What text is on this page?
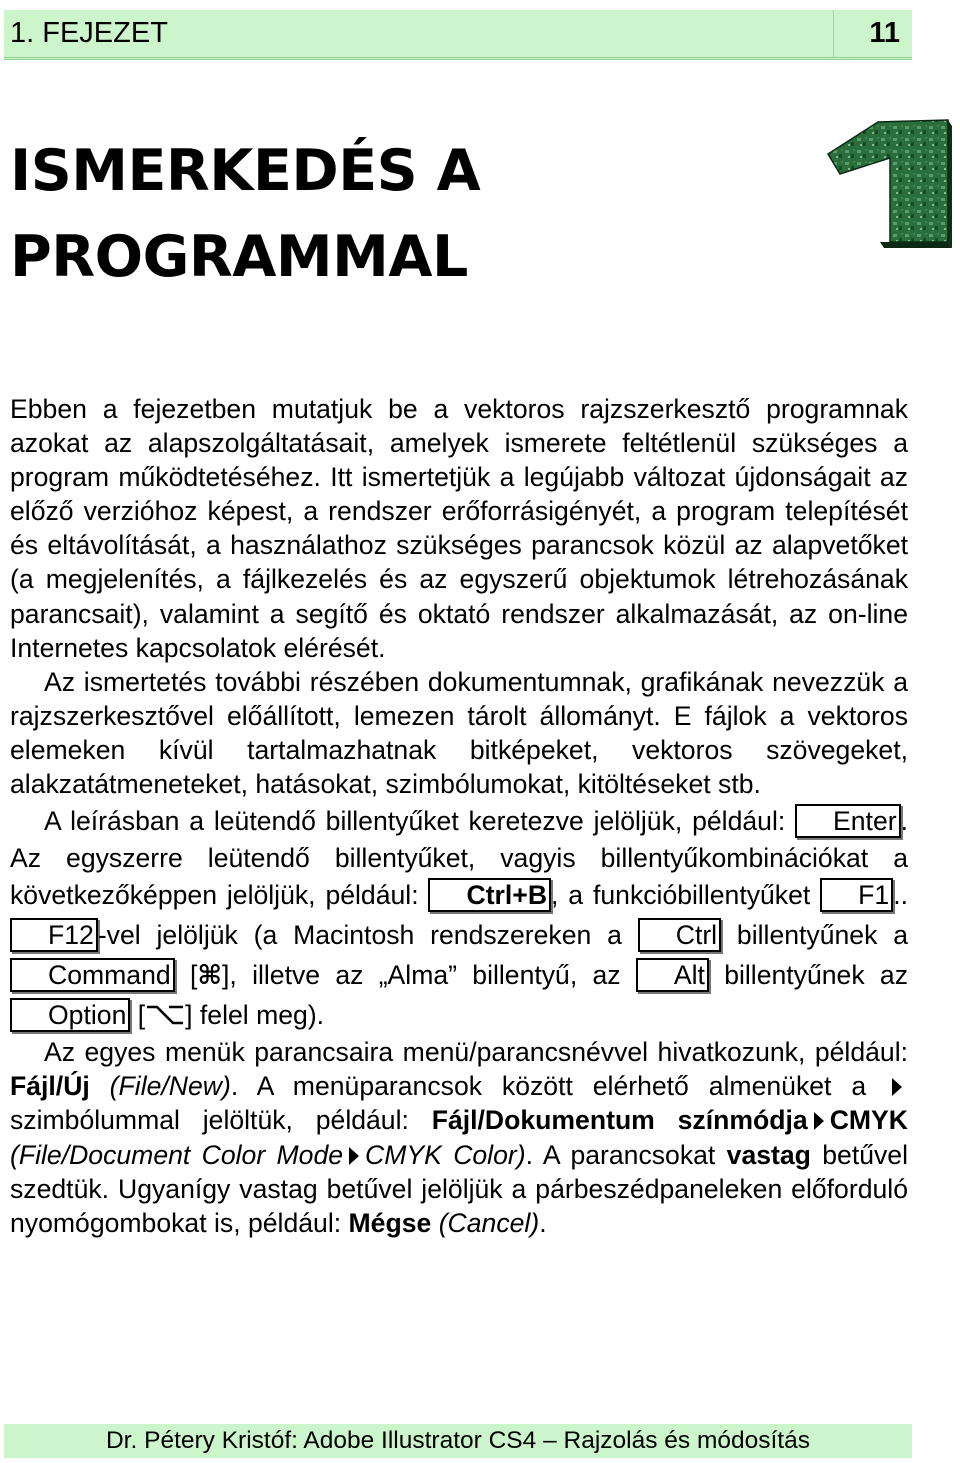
1. FEJEZET	11
ISMERKEDÉS A
PROGRAMMAL

Ebben a fejezetben mutatjuk be a vektoros rajzszerkesztő programnak azokat az alapszolgáltatásait, amelyek ismerete feltétlenül szükséges a program működtetéséhez. Itt ismertetjük a legújabb változat újdonságait az előző verzióhoz képest, a rendszer erőforrásigényét, a program telepítését és eltávolítását, a használathoz szükséges parancsok közül az alapvetőket (a megjelenítés, a fájlkezelés és az egyszerű objektumok létrehozásának parancsait), valamint a segítő és oktató rendszer alkalmazását, az on-line Internetes kapcsolatok elérését.

Az ismertetés további részében dokumentumnak, grafikának nevezzük a rajzszerkesztővel előállított, lemezen tárolt állományt. E fájlok a vektoros elemeken kívül tartalmazhatnak bitképeket, vektoros szövegeket, alakzatátmeneteket, hatásokat, szimbólumokat, kitöltéseket stb.

A leírásban a leütendő billentyűket keretezve jelöljük, például: Enter . Az egyszerre leütendő billentyűket, vagyis billentyűkombinációkat a következőképpen jelöljük, például: Ctrl+B , a funkcióbillentyűket F1 ..F12 -vel jelöljük (a Macintosh rendszereken a Ctrl billentyűnek a Command [⌘], illetve az „Alma” billentyű, az Alt billentyűnek az Option [ ] felel meg).

Az egyes menük parancsaira menü/parancsnévvel hivatkozunk, például: Fájl/Új (File/New). A menüparancsok között elérhető almenüket a  szimbólummal jelöltük, például: Fájl/Dokumentum színmódja CMYK (File/Document Color Mode CMYK Color). A parancsokat vastag betűvel szedtük. Ugyanígy vastag betűvel jelöljük a párbeszédpaneleken előforduló nyomógombokat is, például: Mégse (Cancel).

Dr. Pétery Kristóf: Adobe Illustrator CS4 – Rajzolás és módosítás
